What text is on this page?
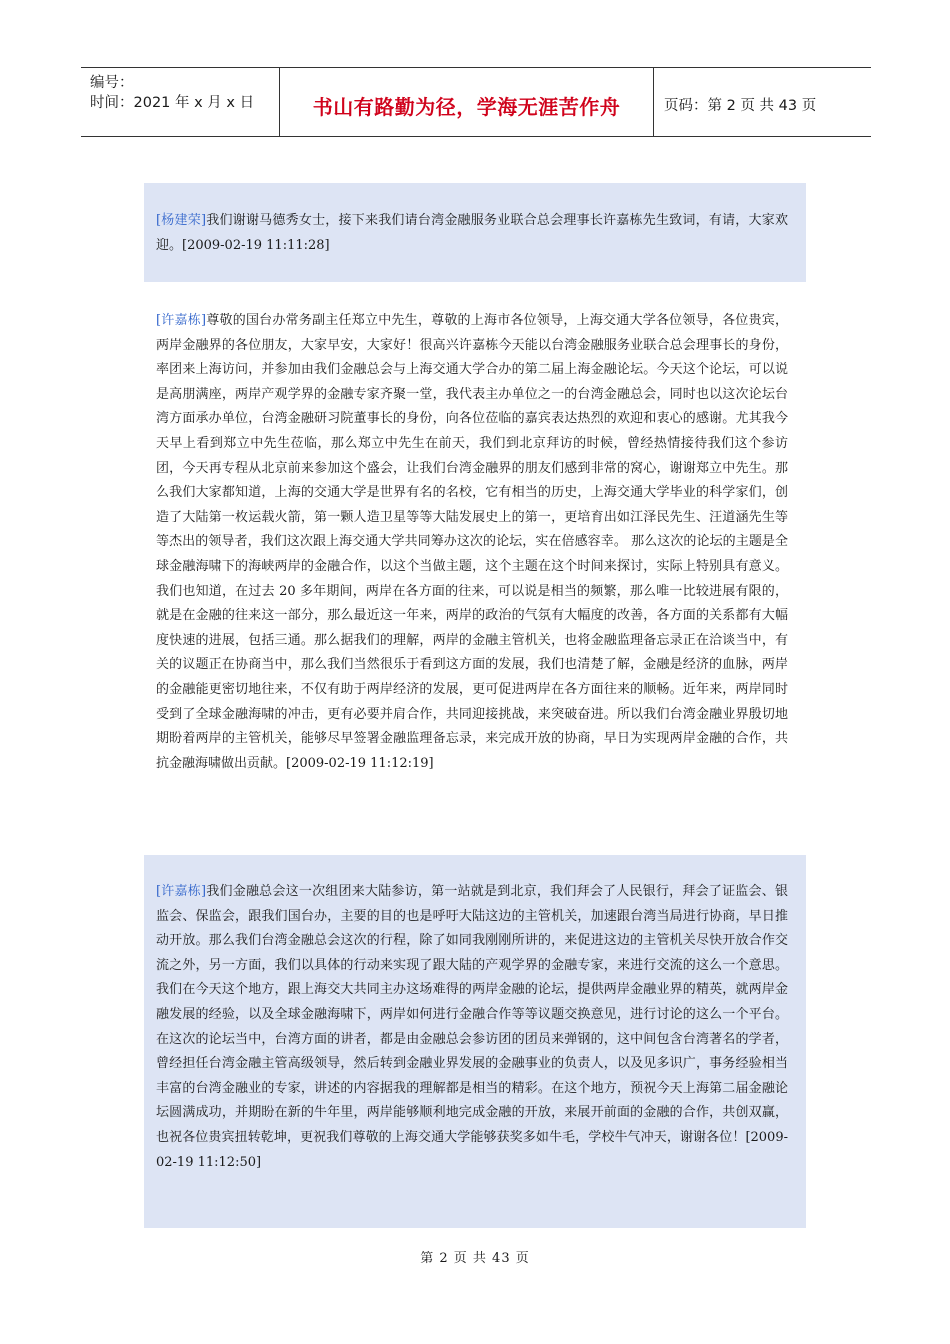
编号：
时间：2021 年 x 月 x 日	书山有路勤为径，学海无涯苦作舟	页码：第 2 页 共 43 页
[杨建荣]我们谢谢马德秀女士，接下来我们请台湾金融服务业联合总会理事长许嘉栋先生致词，有请，大家欢迎。[2009-02-19 11:11:28]
[许嘉栋]尊敬的国台办常务副主任郑立中先生，尊敬的上海市各位领导，上海交通大学各位领导，各位贵宾，两岸金融界的各位朋友，大家早安，大家好！很高兴许嘉栋今天能以台湾金融服务业联合总会理事长的身份，率团来上海访问，并参加由我们金融总会与上海交通大学合办的第二届上海金融论坛。今天这个论坛，可以说是高朋满座，两岸产观学界的金融专家齐聚一堂，我代表主办单位之一的台湾金融总会，同时也以这次论坛台湾方面承办单位，台湾金融研习院董事长的身份，向各位莅临的嘉宾表达热烈的欢迎和衷心的感谢。尤其我今天早上看到郑立中先生莅临，那么郑立中先生在前天，我们到北京拜访的时候，曾经热情接待我们这个参访团，今天再专程从北京前来参加这个盛会，让我们台湾金融界的朋友们感到非常的窝心，谢谢郑立中先生。那么我们大家都知道，上海的交通大学是世界有名的名校，它有相当的历史，上海交通大学毕业的科学家们，创造了大陆第一枚运载火箭，第一颗人造卫星等等大陆发展史上的第一，更培育出如江泽民先生、汪道涵先生等等杰出的领导者，我们这次跟上海交通大学共同筹办这次的论坛，实在倍感容幸。 那么这次的论坛的主题是全球金融海啸下的海峡两岸的金融合作，以这个当做主题，这个主题在这个时间来探讨，实际上特别具有意义。我们也知道，在过去 20 多年期间，两岸在各方面的往来，可以说是相当的频繁，那么唯一比较进展有限的，就是在金融的往来这一部分，那么最近这一年来，两岸的政治的气氛有大幅度的改善，各方面的关系都有大幅度快速的进展，包括三通。那么据我们的理解，两岸的金融主管机关，也将金融监理备忘录正在洽谈当中，有关的议题正在协商当中，那么我们当然很乐于看到这方面的发展，我们也清楚了解，金融是经济的血脉，两岸的金融能更密切地往来，不仅有助于两岸经济的发展，更可促进两岸在各方面往来的顺畅。近年来，两岸同时受到了全球金融海啸的冲击，更有必要并肩合作，共同迎接挑战，来突破奋进。所以我们台湾金融业界殷切地期盼着两岸的主管机关，能够尽早签署金融监理备忘录，来完成开放的协商，早日为实现两岸金融的合作，共抗金融海啸做出贡献。[2009-02-19 11:12:19]
[许嘉栋]我们金融总会这一次组团来大陆参访，第一站就是到北京，我们拜会了人民银行，拜会了证监会、银监会、保监会，跟我们国台办，主要的目的也是呼吁大陆这边的主管机关，加速跟台湾当局进行协商，早日推动开放。那么我们台湾金融总会这次的行程，除了如同我刚刚所讲的，来促进这边的主管机关尽快开放合作交流之外，另一方面，我们以具体的行动来实现了跟大陆的产观学界的金融专家，来进行交流的这么一个意思。我们在今天这个地方，跟上海交大共同主办这场难得的两岸金融的论坛，提供两岸金融业界的精英，就两岸金融发展的经验，以及全球金融海啸下，两岸如何进行金融合作等等议题交换意见，进行讨论的这么一个平台。在这次的论坛当中，台湾方面的讲者，都是由金融总会参访团的团员来弹钢的，这中间包含台湾著名的学者，曾经担任台湾金融主管高级领导，然后转到金融业界发展的金融事业的负责人，以及见多识广，事务经验相当丰富的台湾金融业的专家，讲述的内容据我的理解都是相当的精彩。在这个地方，预祝今天上海第二届金融论坛圆满成功，并期盼在新的牛年里，两岸能够顺利地完成金融的开放，来展开前面的金融的合作，共创双赢，也祝各位贵宾扭转乾坤，更祝我们尊敬的上海交通大学能够获奖多如牛毛，学校牛气冲天，谢谢各位！[2009-02-19 11:12:50]
第 2 页 共 43 页
